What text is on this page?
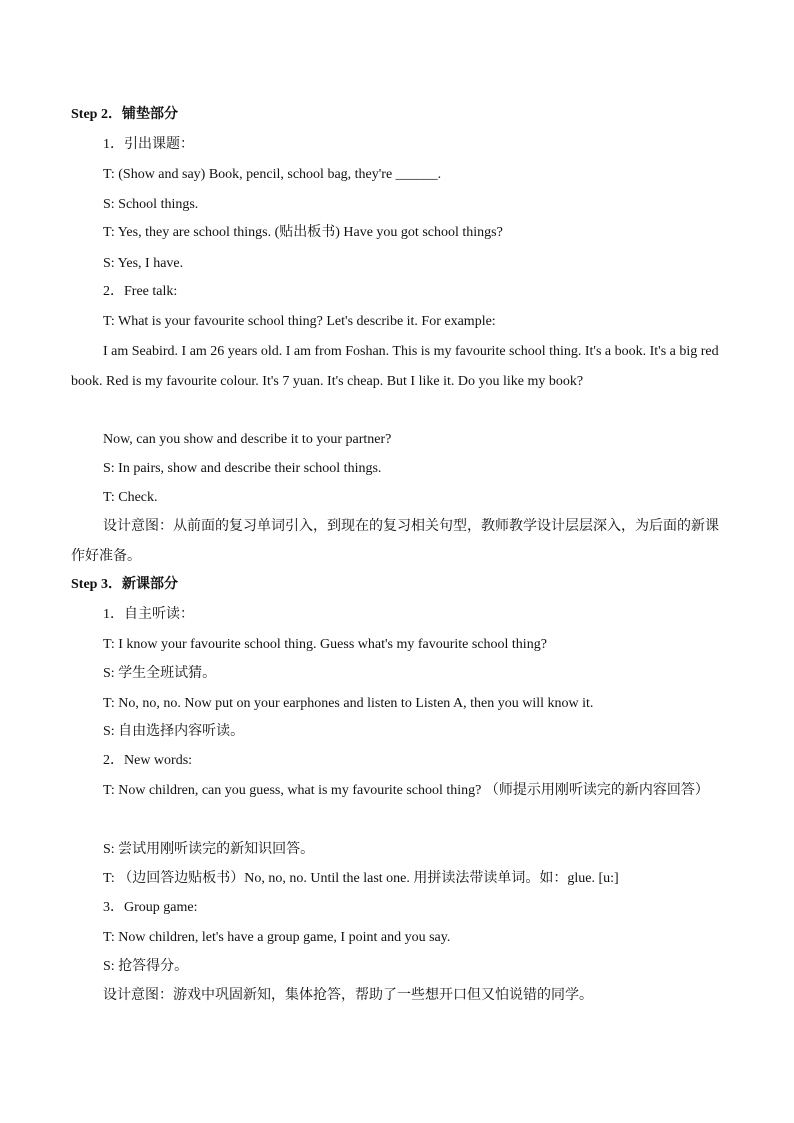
Step 2．铺垫部分
1．引出课题：
T: (Show and say) Book, pencil, school bag, they're ______.
S: School things.
T: Yes, they are school things. (贴出板书) Have you got school things?
S: Yes, I have.
2．Free talk:
T: What is your favourite school thing? Let's describe it. For example:
I am Seabird. I am 26 years old. I am from Foshan. This is my favourite school thing. It's a book. It's a big red book. Red is my favourite colour. It's 7 yuan. It's cheap. But I like it. Do you like my book?
Now, can you show and describe it to your partner?
S: In pairs, show and describe their school things.
T: Check.
设计意图：从前面的复习单词引入，到现在的复习相关句型，教师教学设计层层深入，为后面的新课作好准备。
Step 3．新课部分
1．自主听读：
T: I know your favourite school thing. Guess what's my favourite school thing?
S: 学生全班试猜。
T: No, no, no. Now put on your earphones and listen to Listen A, then you will know it.
S: 自由选择内容听读。
2．New words:
T: Now children, can you guess, what is my favourite school thing? （师提示用刚听读完的新内容回答）
S: 尝试用刚听读完的新知识回答。
T: （边回答边贴板书）No, no, no. Until the last one. 用拼读法带读单词。如：glue. [u:]
3．Group game:
T: Now children, let's have a group game, I point and you say.
S: 抢答得分。
设计意图：游戏中巩固新知，集体抢答，帮助了一些想开口但又怕说错的同学。
